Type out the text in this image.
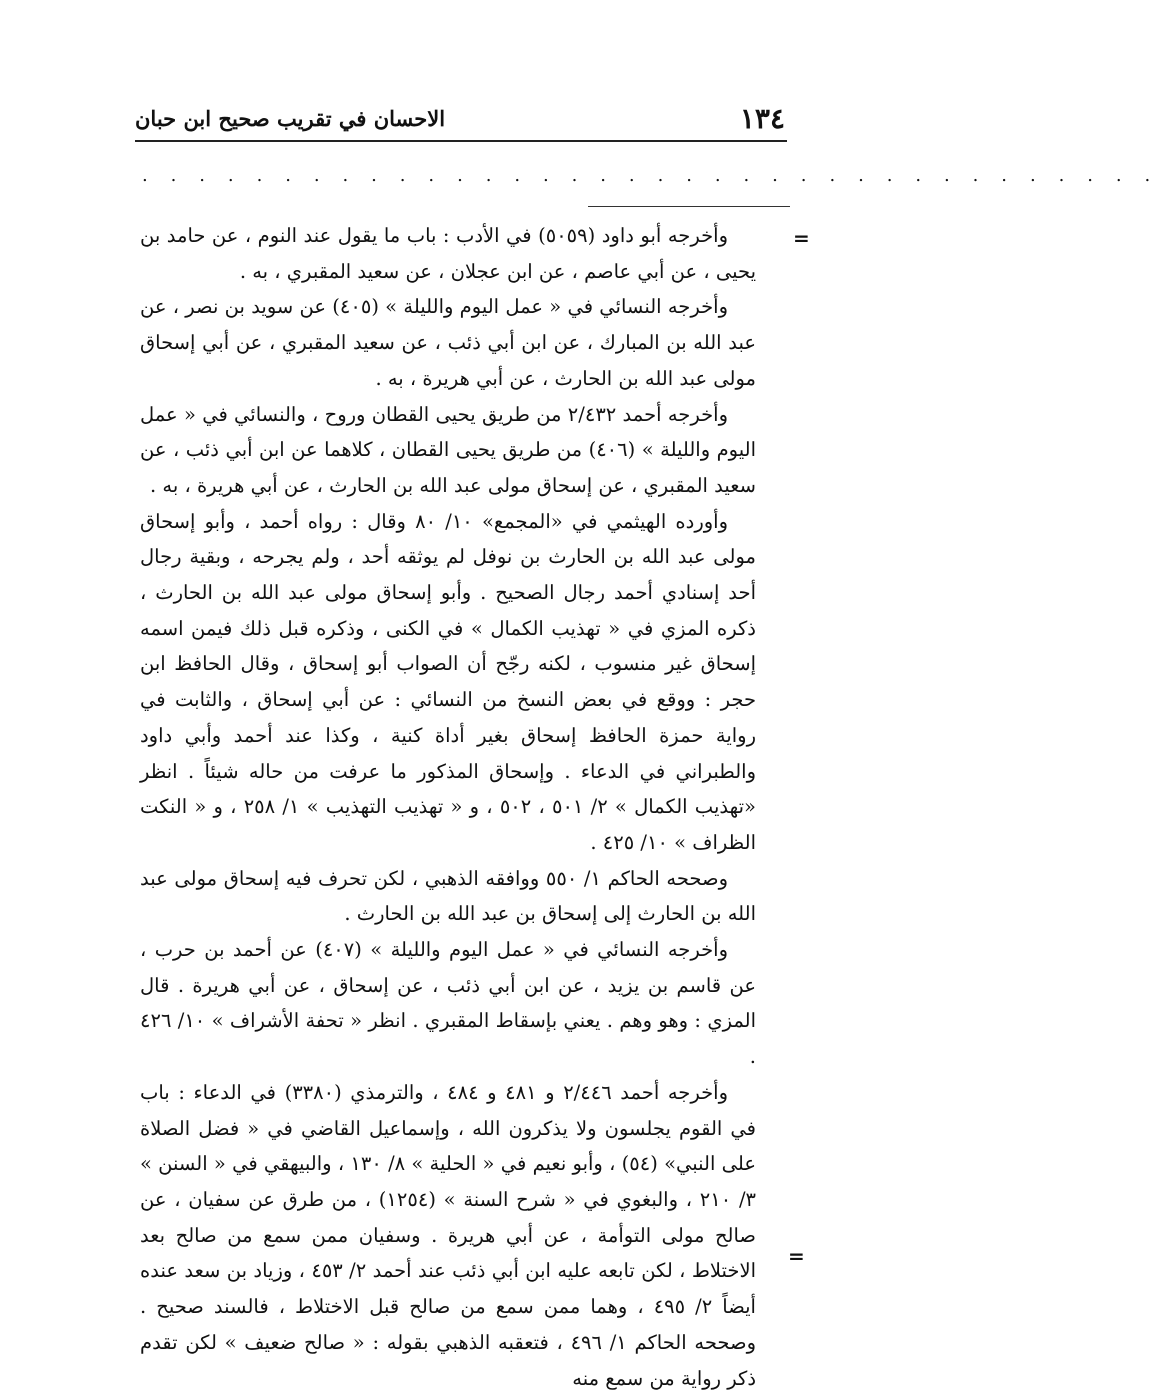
١٣٤
الاحسان في تقريب صحيح ابن حبان
. . . . . . . . . . . . . . . . . . . . . . . . . . . . . . . . . . . .
=

وأخرجه أبو داود (٥٠٥٩) في الأدب : باب ما يقول عند النوم ، عن حامد بن يحيى ، عن أبي عاصم ، عن ابن عجلان ، عن سعيد المقبري ، به .

وأخرجه النسائي في « عمل اليوم والليلة » (٤٠٥) عن سويد بن نصر ، عن عبد الله بن المبارك ، عن ابن أبي ذئب ، عن سعيد المقبري ، عن أبي إسحاق مولى عبد الله بن الحارث ، عن أبي هريرة ، به .

وأخرجه أحمد ٢/٤٣٢ من طريق يحيى القطان وروح ، والنسائي في « عمل اليوم والليلة » (٤٠٦) من طريق يحيى القطان ، كلاهما عن ابن أبي ذئب ، عن سعيد المقبري ، عن إسحاق مولى عبد الله بن الحارث ، عن أبي هريرة ، به .

وأورده الهيثمي في «المجمع» ١٠/ ٨٠ وقال : رواه أحمد ، وأبو إسحاق مولى عبد الله بن الحارث بن نوفل لم يوثقه أحد ، ولم يجرحه ، وبقية رجال أحد إسنادي أحمد رجال الصحيح . وأبو إسحاق مولى عبد الله بن الحارث ، ذكره المزي في « تهذيب الكمال » في الكنى ، وذكره قبل ذلك فيمن اسمه إسحاق غير منسوب ، لكنه رجّح أن الصواب أبو إسحاق ، وقال الحافظ ابن حجر : ووقع في بعض النسخ من النسائي : عن أبي إسحاق ، والثابت في رواية حمزة الحافظ إسحاق بغير أداة كنية ، وكذا عند أحمد وأبي داود والطبراني في الدعاء . وإسحاق المذكور ما عرفت من حاله شيئاً . انظر «تهذيب الكمال » ٢/ ٥٠١ ، ٥٠٢ ، و « تهذيب التهذيب » ١/ ٢٥٨ ، و « النكت الظراف » ١٠/ ٤٢٥ .

وصححه الحاكم ١/ ٥٥٠ ووافقه الذهبي ، لكن تحرف فيه إسحاق مولى عبد الله بن الحارث إلى إسحاق بن عبد الله بن الحارث .

وأخرجه النسائي في « عمل اليوم والليلة » (٤٠٧) عن أحمد بن حرب ، عن قاسم بن يزيد ، عن ابن أبي ذئب ، عن إسحاق ، عن أبي هريرة . قال المزي : وهو وهم . يعني بإسقاط المقبري . انظر « تحفة الأشراف » ١٠/ ٤٢٦ .

وأخرجه أحمد ٢/٤٤٦ و ٤٨١ و ٤٨٤ ، والترمذي (٣٣٨٠) في الدعاء : باب في القوم يجلسون ولا يذكرون الله ، وإسماعيل القاضي في « فضل الصلاة على النبي» (٥٤) ، وأبو نعيم في « الحلية » ٨/ ١٣٠ ، والبيهقي في « السنن » ٣/ ٢١٠ ، والبغوي في « شرح السنة » (١٢٥٤) ، من طرق عن سفيان ، عن صالح مولى التوأمة ، عن أبي هريرة . وسفيان ممن سمع من صالح بعد الاختلاط ، لكن تابعه عليه ابن أبي ذئب عند أحمد ٢/ ٤٥٣ ، وزياد بن سعد عنده أيضاً ٢/ ٤٩٥ ، وهما ممن سمع من صالح قبل الاختلاط ، فالسند صحيح . وصححه الحاكم ١/ ٤٩٦ ، فتعقبه الذهبي بقوله : « صالح ضعيف » لكن تقدم ذكر رواية من سمع منه

=
